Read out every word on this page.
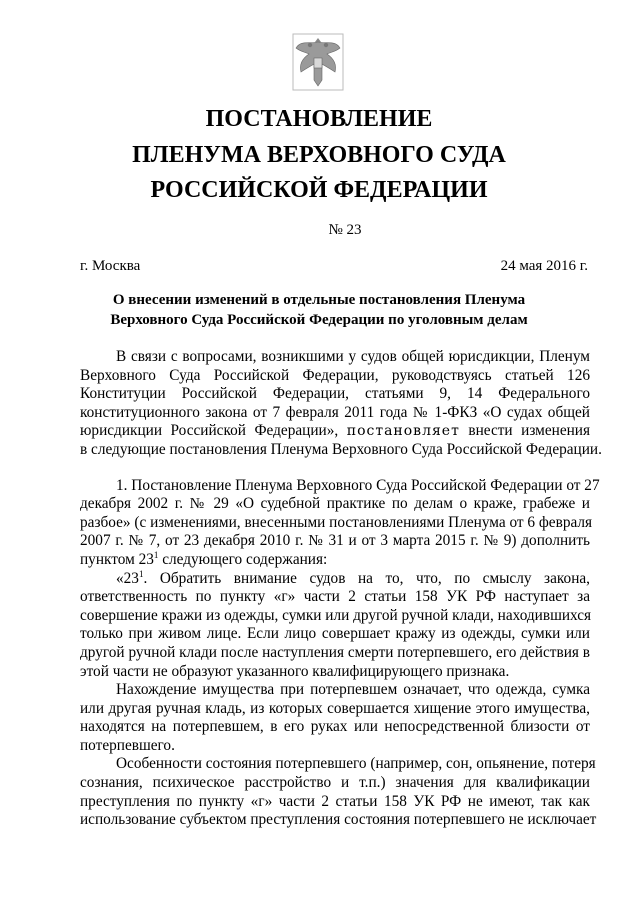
ПОСТАНОВЛЕНИЕ
ПЛЕНУМА ВЕРХОВНОГО СУДА
РОССИЙСКОЙ ФЕДЕРАЦИИ
№ 23
г. Москва	24 мая 2016 г.
О внесении изменений в отдельные постановления Пленума
Верховного Суда Российской Федерации по уголовным делам
В связи с вопросами, возникшими у судов общей юрисдикции, Пленум
Верховного Суда Российской Федерации, руководствуясь статьей 126
Конституции Российской Федерации, статьями 9, 14 Федерального
конституционного закона от 7 февраля 2011 года № 1-ФКЗ «О судах общей
юрисдикции Российской Федерации», постановляет внести изменения
в следующие постановления Пленума Верховного Суда Российской Федерации.
1. Постановление Пленума Верховного Суда Российской Федерации от 27
декабря 2002 г. № 29 «О судебной практике по делам о краже, грабеже и
разбое» (с изменениями, внесенными постановлениями Пленума от 6 февраля
2007 г. № 7, от 23 декабря 2010 г. № 31 и от 3 марта 2015 г. № 9) дополнить
пунктом $23^1$ следующего содержания:
«$23^1$. Обратить внимание судов на то, что, по смыслу закона,
ответственность по пункту «г» части 2 статьи 158 УК РФ наступает за
совершение кражи из одежды, сумки или другой ручной клади, находившихся
только при живом лице. Если лицо совершает кражу из одежды, сумки или
другой ручной клади после наступления смерти потерпевшего, его действия в
этой части не образуют указанного квалифицирующего признака.
Нахождение имущества при потерпевшем означает, что одежда, сумка
или другая ручная кладь, из которых совершается хищение этого имущества,
находятся на потерпевшем, в его руках или непосредственной близости от
потерпевшего.
Особенности состояния потерпевшего (например, сон, опьянение, потеря
сознания, психическое расстройство и т.п.) значения для квалификации
преступления по пункту «г» части 2 статьи 158 УК РФ не имеют, так как
использование субъектом преступления состояния потерпевшего не исключает
